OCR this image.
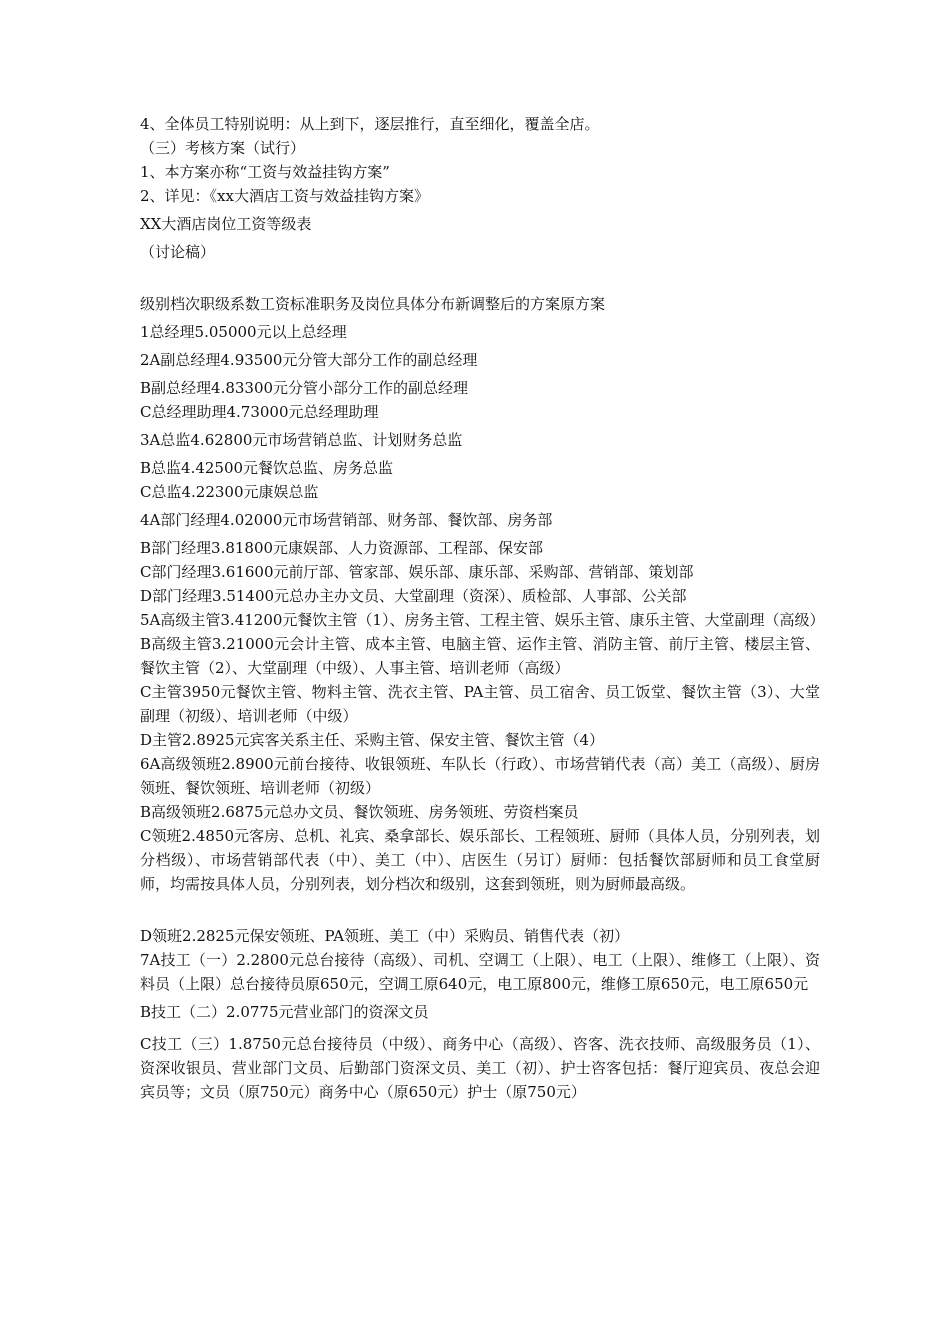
4、全体员工特别说明：从上到下，逐层推行，直至细化，覆盖全店。

（三）考核方案（试行）

1、本方案亦称“工资与效益挂钩方案”

2、详见：《xx大酒店工资与效益挂钩方案》

XX大酒店岗位工资等级表

（讨论稿）

级别档次职级系数工资标准职务及岗位具体分布新调整后的方案原方案

1总经理5.05000元以上总经理

2A副总经理4.93500元分管大部分工作的副总经理

B副总经理4.83300元分管小部分工作的副总经理

C总经理助理4.73000元总经理助理

3A总监4.62800元市场营销总监、计划财务总监

B总监4.42500元餐饮总监、房务总监

C总监4.22300元康娱总监

4A部门经理4.02000元市场营销部、财务部、餐饮部、房务部

B部门经理3.81800元康娱部、人力资源部、工程部、保安部

C部门经理3.61600元前厅部、管家部、娱乐部、康乐部、采购部、营销部、策划部

D部门经理3.51400元总办主办文员、大堂副理（资深）、质检部、人事部、公关部

5A高级主管3.41200元餐饮主管（1）、房务主管、工程主管、娱乐主管、康乐主管、大堂副理（高级）

B高级主管3.21000元会计主管、成本主管、电脑主管、运作主管、消防主管、前厅主管、楼层主管、餐饮主管（2）、大堂副理（中级）、人事主管、培训老师（高级）

C主管3950元餐饮主管、物料主管、洗衣主管、PA主管、员工宿舍、员工饭堂、餐饮主管（3）、大堂副理（初级）、培训老师（中级）

D主管2.8925元宾客关系主任、采购主管、保安主管、餐饮主管（4）

6A高级领班2.8900元前台接待、收银领班、车队长（行政）、市场营销代表（高）美工（高级）、厨房领班、餐饮领班、培训老师（初级）

B高级领班2.6875元总办文员、餐饮领班、房务领班、劳资档案员

C领班2.4850元客房、总机、礼宾、桑拿部长、娱乐部长、工程领班、厨师（具体人员，分别列表，划分档级）、市场营销部代表（中）、美工（中）、店医生（另订）厨师：包括餐饮部厨师和员工食堂厨师，均需按具体人员，分别列表，划分档次和级别，这套到领班，则为厨师最高级。

D领班2.2825元保安领班、PA领班、美工（中）采购员、销售代表（初）

7A技工（一）2.2800元总台接待（高级）、司机、空调工（上限）、电工（上限）、维修工（上限）、资料员（上限）总台接待员原650元，空调工原640元，电工原800元，维修工原650元，电工原650元

B技工（二）2.0775元营业部门的资深文员

C技工（三）1.8750元总台接待员（中级）、商务中心（高级）、咨客、洗衣技师、高级服务员（1）、资深收银员、营业部门文员、后勤部门资深文员、美工（初）、护士咨客包括：餐厅迎宾员、夜总会迎宾员等；文员（原750元）商务中心（原650元）护士（原750元）
